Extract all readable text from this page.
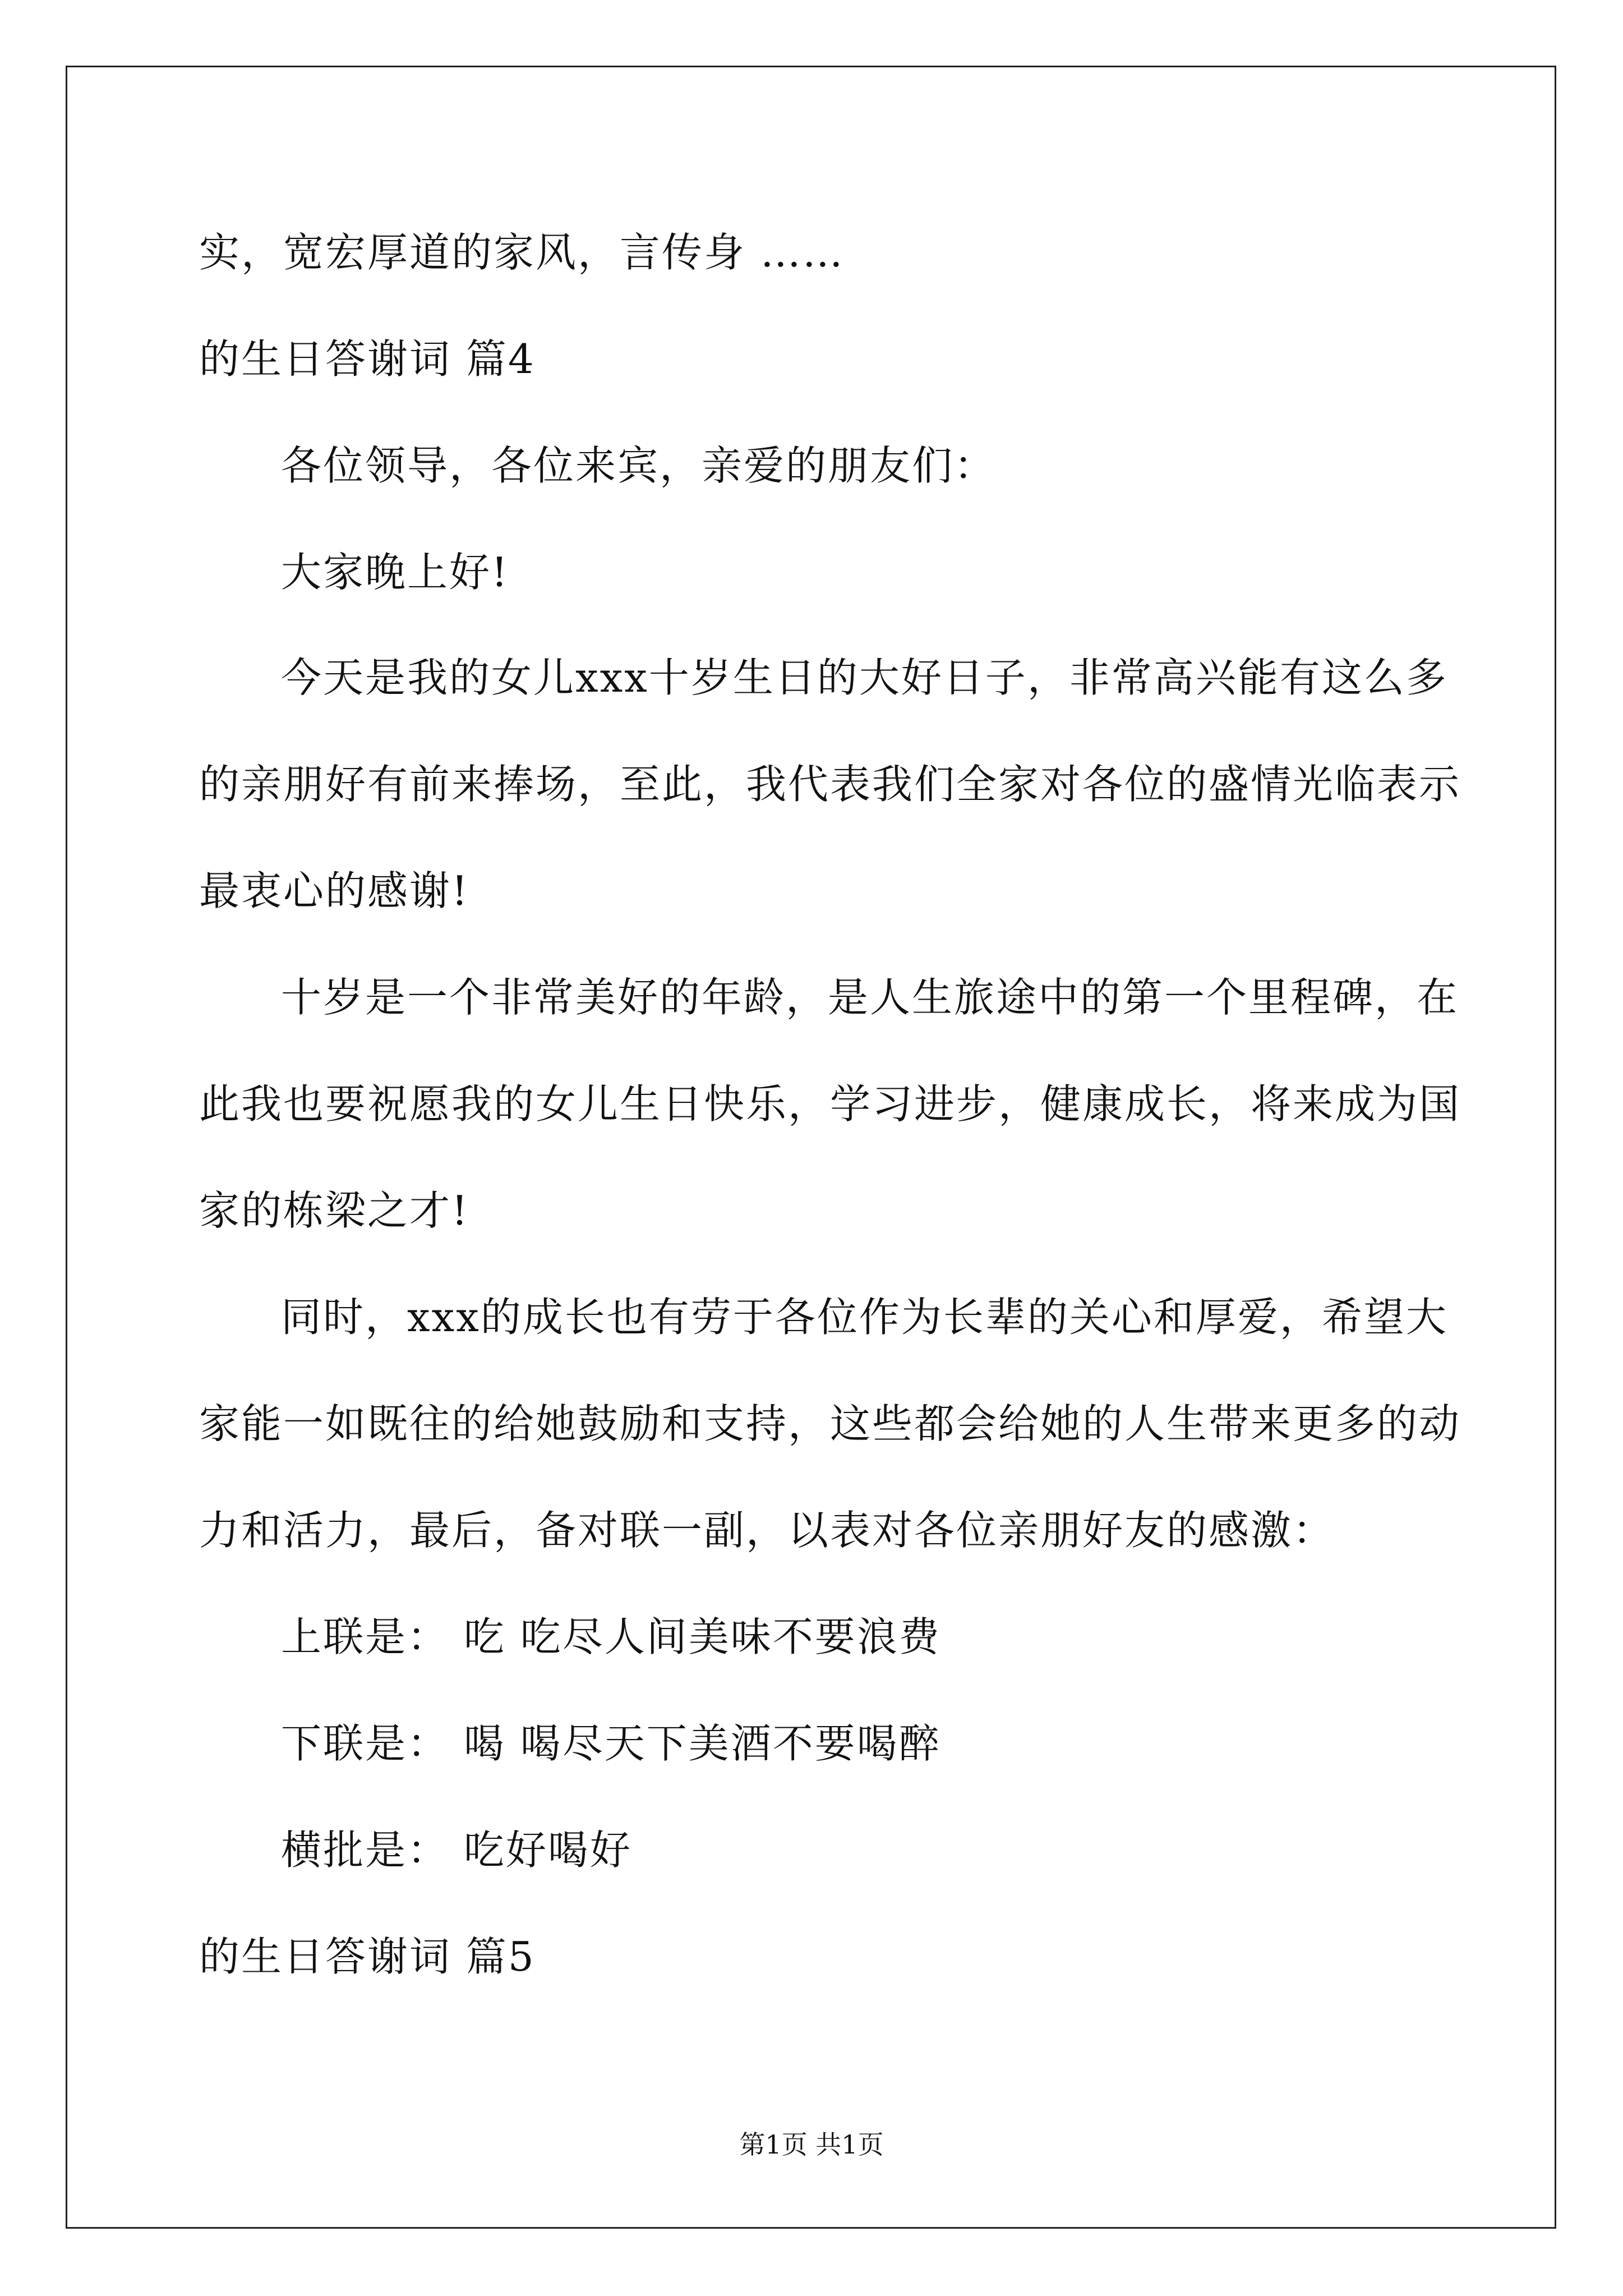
实，宽宏厚道的家风，言传身 ……
的生日答谢词 篇4
各位领导，各位来宾，亲爱的朋友们：
大家晚上好!
今天是我的女儿xxx十岁生日的大好日子，非常高兴能有这么多
的亲朋好有前来捧场，至此，我代表我们全家对各位的盛情光临表示
最衷心的感谢!
十岁是一个非常美好的年龄，是人生旅途中的第一个里程碑，在
此我也要祝愿我的女儿生日快乐，学习进步，健康成长，将来成为国
家的栋梁之才!
同时，xxx的成长也有劳于各位作为长辈的关心和厚爱，希望大
家能一如既往的给她鼓励和支持，这些都会给她的人生带来更多的动
力和活力，最后，备对联一副，以表对各位亲朋好友的感激：
上联是： 吃 吃尽人间美味不要浪费
下联是： 喝 喝尽天下美酒不要喝醉
横批是： 吃好喝好
的生日答谢词 篇5
第1页 共1页
